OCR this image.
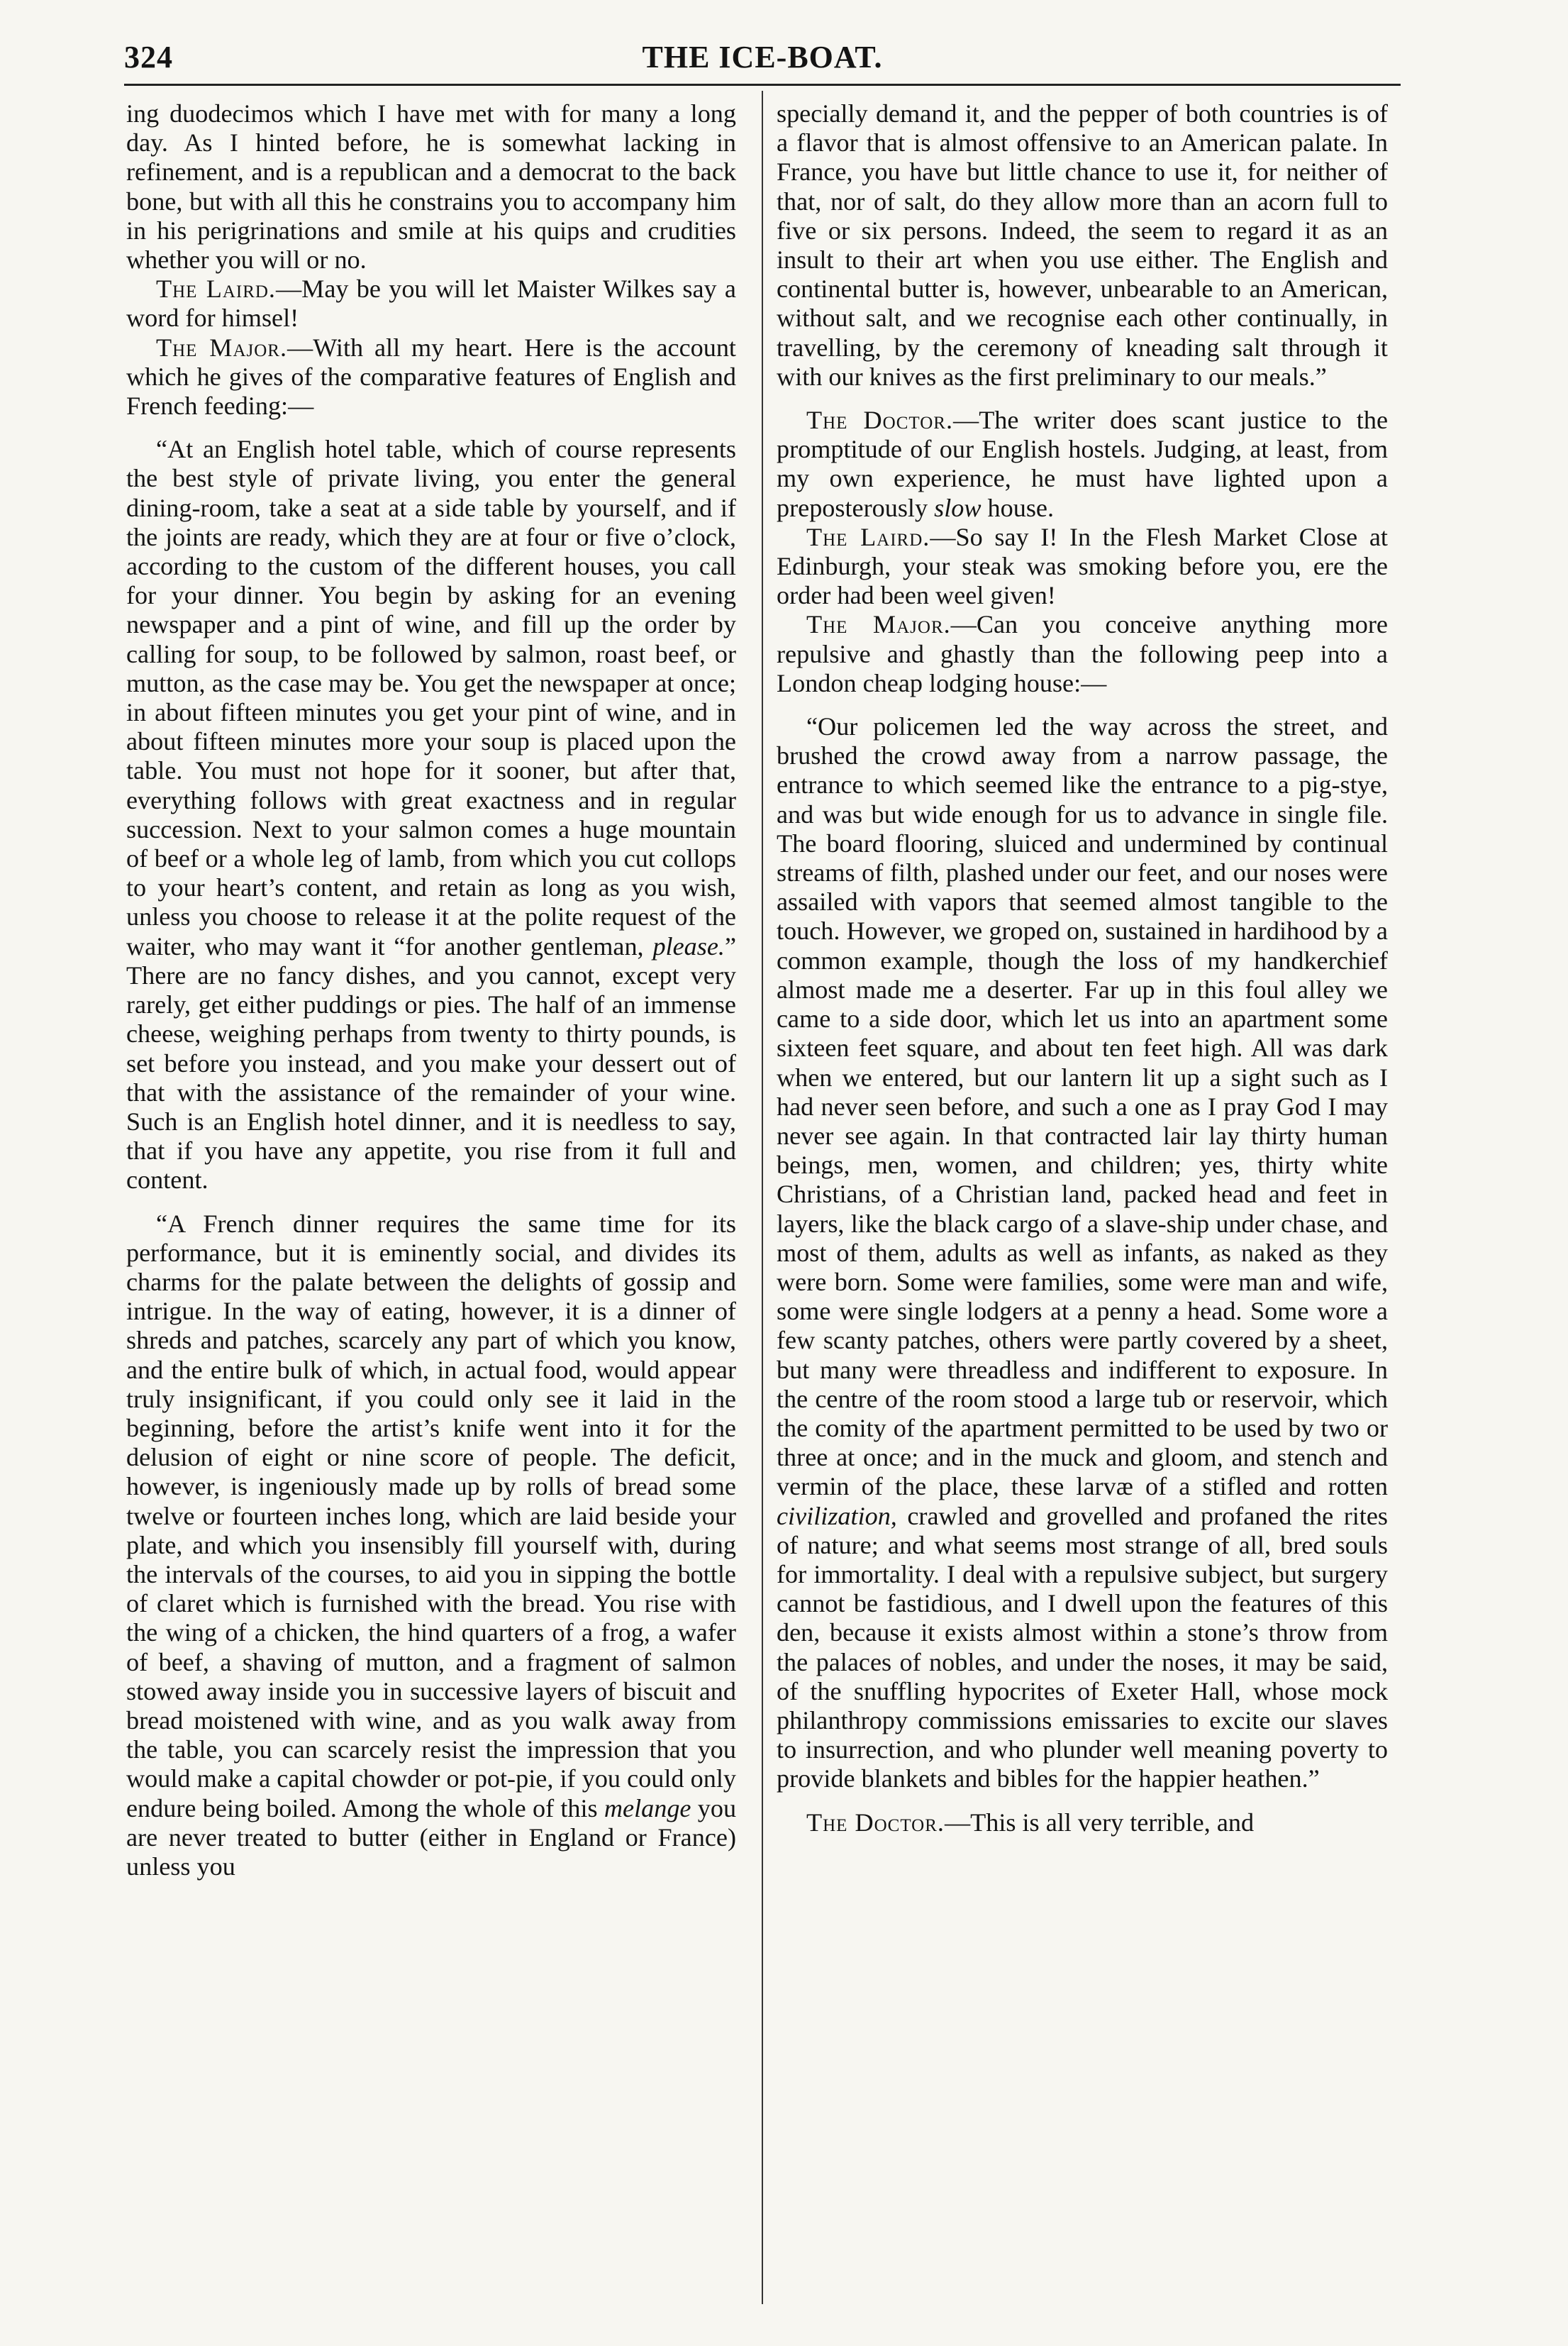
324	THE ICE-BOAT.

ing duodecimos which I have met with for many a long day. As I hinted before, he is somewhat lacking in refinement, and is a republican and a democrat to the back bone, but with all this he constrains you to accompany him in his perigrinations and smile at his quips and crudities whether you will or no.

The Laird.—May be you will let Maister Wilkes say a word for himsel!

The Major.—With all my heart. Here is the account which he gives of the comparative features of English and French feeding:—

“At an English hotel table, which of course represents the best style of private living, you enter the general dining-room, take a seat at a side table by yourself, and if the joints are ready, which they are at four or five o’clock, according to the custom of the different houses, you call for your dinner. You begin by asking for an evening newspaper and a pint of wine, and fill up the order by calling for soup, to be followed by salmon, roast beef, or mutton, as the case may be. You get the newspaper at once; in about fifteen minutes you get your pint of wine, and in about fifteen minutes more your soup is placed upon the table. You must not hope for it sooner, but after that, everything follows with great exactness and in regular succession. Next to your salmon comes a huge mountain of beef or a whole leg of lamb, from which you cut collops to your heart’s content, and retain as long as you wish, unless you choose to release it at the polite request of the waiter, who may want it “for another gentleman, please.” There are no fancy dishes, and you cannot, except very rarely, get either puddings or pies. The half of an immense cheese, weighing perhaps from twenty to thirty pounds, is set before you instead, and you make your dessert out of that with the assistance of the remainder of your wine. Such is an English hotel dinner, and it is needless to say, that if you have any appetite, you rise from it full and content.

“A French dinner requires the same time for its performance, but it is eminently social, and divides its charms for the palate between the delights of gossip and intrigue. In the way of eating, however, it is a dinner of shreds and patches, scarcely any part of which you know, and the entire bulk of which, in actual food, would appear truly insignificant, if you could only see it laid in the beginning, before the artist’s knife went into it for the delusion of eight or nine score of people. The deficit, however, is ingeniously made up by rolls of bread some twelve or fourteen inches long, which are laid beside your plate, and which you insensibly fill yourself with, during the intervals of the courses, to aid you in sipping the bottle of claret which is furnished with the bread. You rise with the wing of a chicken, the hind quarters of a frog, a wafer of beef, a shaving of mutton, and a fragment of salmon stowed away inside you in successive layers of biscuit and bread moistened with wine, and as you walk away from the table, you can scarcely resist the impression that you would make a capital chowder or pot-pie, if you could only endure being boiled. Among the whole of this melange you are never treated to butter (either in England or France) unless you

specially demand it, and the pepper of both countries is of a flavor that is almost offensive to an American palate. In France, you have but little chance to use it, for neither of that, nor of salt, do they allow more than an acorn full to five or six persons. Indeed, the seem to regard it as an insult to their art when you use either. The English and continental butter is, however, unbearable to an American, without salt, and we recognise each other continually, in travelling, by the ceremony of kneading salt through it with our knives as the first preliminary to our meals.”

The Doctor.—The writer does scant justice to the promptitude of our English hostels. Judging, at least, from my own experience, he must have lighted upon a preposterously slow house.

The Laird.—So say I! In the Flesh Market Close at Edinburgh, your steak was smoking before you, ere the order had been weel given!

The Major.—Can you conceive anything more repulsive and ghastly than the following peep into a London cheap lodging house:—

“Our policemen led the way across the street, and brushed the crowd away from a narrow passage, the entrance to which seemed like the entrance to a pig-stye, and was but wide enough for us to advance in single file. The board flooring, sluiced and undermined by continual streams of filth, plashed under our feet, and our noses were assailed with vapors that seemed almost tangible to the touch. However, we groped on, sustained in hardihood by a common example, though the loss of my handkerchief almost made me a deserter. Far up in this foul alley we came to a side door, which let us into an apartment some sixteen feet square, and about ten feet high. All was dark when we entered, but our lantern lit up a sight such as I had never seen before, and such a one as I pray God I may never see again. In that contracted lair lay thirty human beings, men, women, and children; yes, thirty white Christians, of a Christian land, packed head and feet in layers, like the black cargo of a slave-ship under chase, and most of them, adults as well as infants, as naked as they were born. Some were families, some were man and wife, some were single lodgers at a penny a head. Some wore a few scanty patches, others were partly covered by a sheet, but many were threadless and indifferent to exposure. In the centre of the room stood a large tub or reservoir, which the comity of the apartment permitted to be used by two or three at once; and in the muck and gloom, and stench and vermin of the place, these larvæ of a stifled and rotten civilization, crawled and grovelled and profaned the rites of nature; and what seems most strange of all, bred souls for immortality. I deal with a repulsive subject, but surgery cannot be fastidious, and I dwell upon the features of this den, because it exists almost within a stone’s throw from the palaces of nobles, and under the noses, it may be said, of the snuffling hypocrites of Exeter Hall, whose mock philanthropy commissions emissaries to excite our slaves to insurrection, and who plunder well meaning poverty to provide blankets and bibles for the happier heathen.”

The Doctor.—This is all very terrible, and
